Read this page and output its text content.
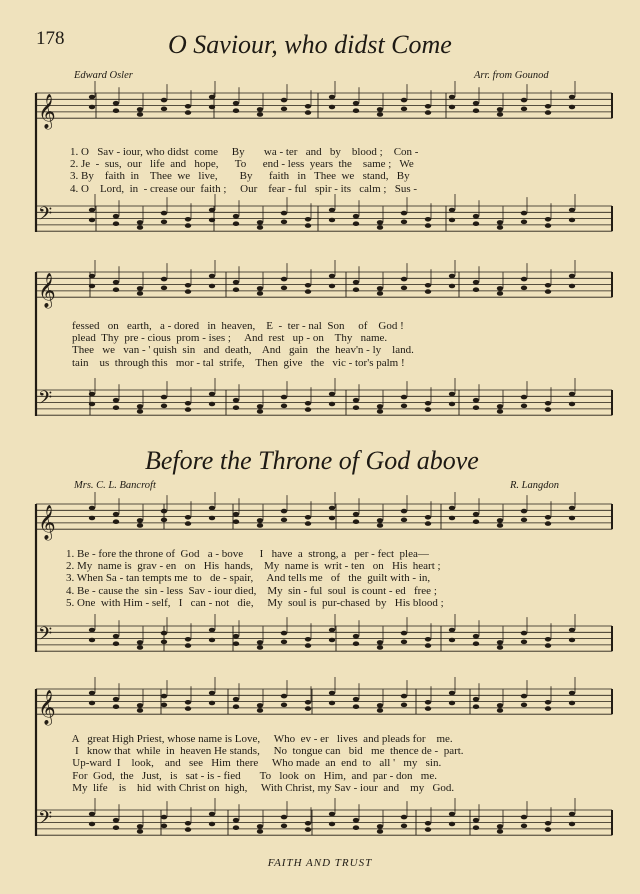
178	O Saviour, who didst Come
Edward Osler	Arr. from Gounod
1. O   Sav - iour, who didst  come     By       wa - ter   and   by    blood ;    Con -
2. Je  -  sus,  our   life  and   hope,      To      end - less  years  the    same ;   We
3. By    faith  in    Thee  we   live,        By      faith   in   Thee  we   stand,   By
4. O    Lord,  in  - crease our  faith ;     Our    fear - ful   spir - its   calm ;   Sus -
fessed   on   earth,   a - dored   in  heaven,    E  -  ter - nal  Son     of    God !
plead  Thy  pre - cious  prom - ises ;     And  rest   up - on    Thy   name.
Thee   we   van - ' quish  sin   and  death,    And   gain   the  heav'n - ly    land.
tain    us  through this   mor - tal  strife,    Then  give   the   vic - tor's palm !
Before the Throne of God above
Mrs. C. L. Bancroft	R. Langdon
1. Be - fore the throne of  God   a - bove      I   have  a  strong, a   per - fect  plea—
2. My  name is  grav - en   on   His  hands,    My  name is  writ - ten   on   His  heart ;
3. When Sa - tan tempts me  to   de - spair,     And tells me   of   the  guilt with - in,
4. Be - cause the  sin - less  Sav - iour died,    My  sin - ful  soul  is count - ed   free ;
5. One  with Him - self,   I   can - not   die,     My  soul is  pur-chased  by   His blood ;
A   great High Priest, whose name is Love,     Who  ev - er   lives  and pleads for    me.
I   know that  while  in  heaven He stands,     No  tongue can   bid   me  thence de -  part.
Up-ward  I    look,    and   see   Him  there     Who made  an  end  to   all '   my   sin.
For  God,  the   Just,   is   sat - is - fied       To   look  on   Him,  and  par - don   me.
My  life    is    hid  with Christ on  high,     With Christ, my Sav - iour  and    my   God.
FAITH AND TRUST
𝄞
𝄢
𝄞
𝄢
𝄞
𝄢
𝄞
𝄢
